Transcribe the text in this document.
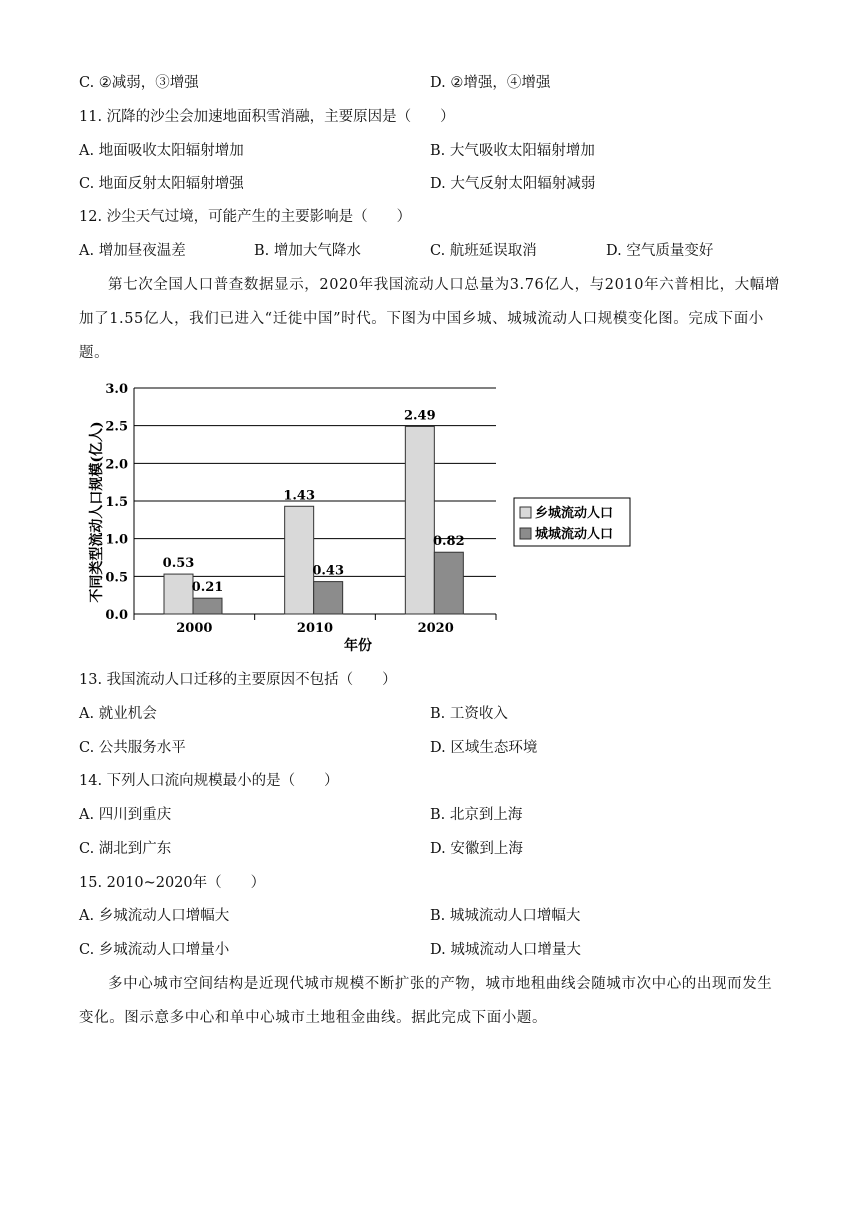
C. ②减弱，③增强	D. ②增强，④增强
11. 沉降的沙尘会加速地面积雪消融，主要原因是（　　）
A. 地面吸收太阳辐射增加	B. 大气吸收太阳辐射增加
C. 地面反射太阳辐射增强	D. 大气反射太阳辐射减弱
12. 沙尘天气过境，可能产生的主要影响是（　　）
A. 增加昼夜温差	B. 增加大气降水	C. 航班延误取消	D. 空气质量变好
第七次全国人口普查数据显示，2020年我国流动人口总量为3.76亿人，与2010年六普相比，大幅增加了1.55亿人，我们已进入“迁徙中国”时代。下图为中国乡城、城城流动人口规模变化图。完成下面小题。
0.53
0.21
1.43
0.43
2.49
0.82
0.0
0.5
1.0
1.5
2.0
2.5
3.0
2000	2010	2020
乡城流动人口
城城流动人口
不同类型流动人口规模(亿人)
年份
13. 我国流动人口迁移的主要原因不包括（　　）
A. 就业机会	B. 工资收入
C. 公共服务水平	D. 区域生态环境
14. 下列人口流向规模最小的是（　　）
A. 四川到重庆	B. 北京到上海
C. 湖北到广东	D. 安徽到上海
15. 2010~2020年（　　）
A. 乡城流动人口增幅大	B. 城城流动人口增幅大
C. 乡城流动人口增量小	D. 城城流动人口增量大
多中心城市空间结构是近现代城市规模不断扩张的产物，城市地租曲线会随城市次中心的出现而发生变化。图示意多中心和单中心城市土地租金曲线。据此完成下面小题。
